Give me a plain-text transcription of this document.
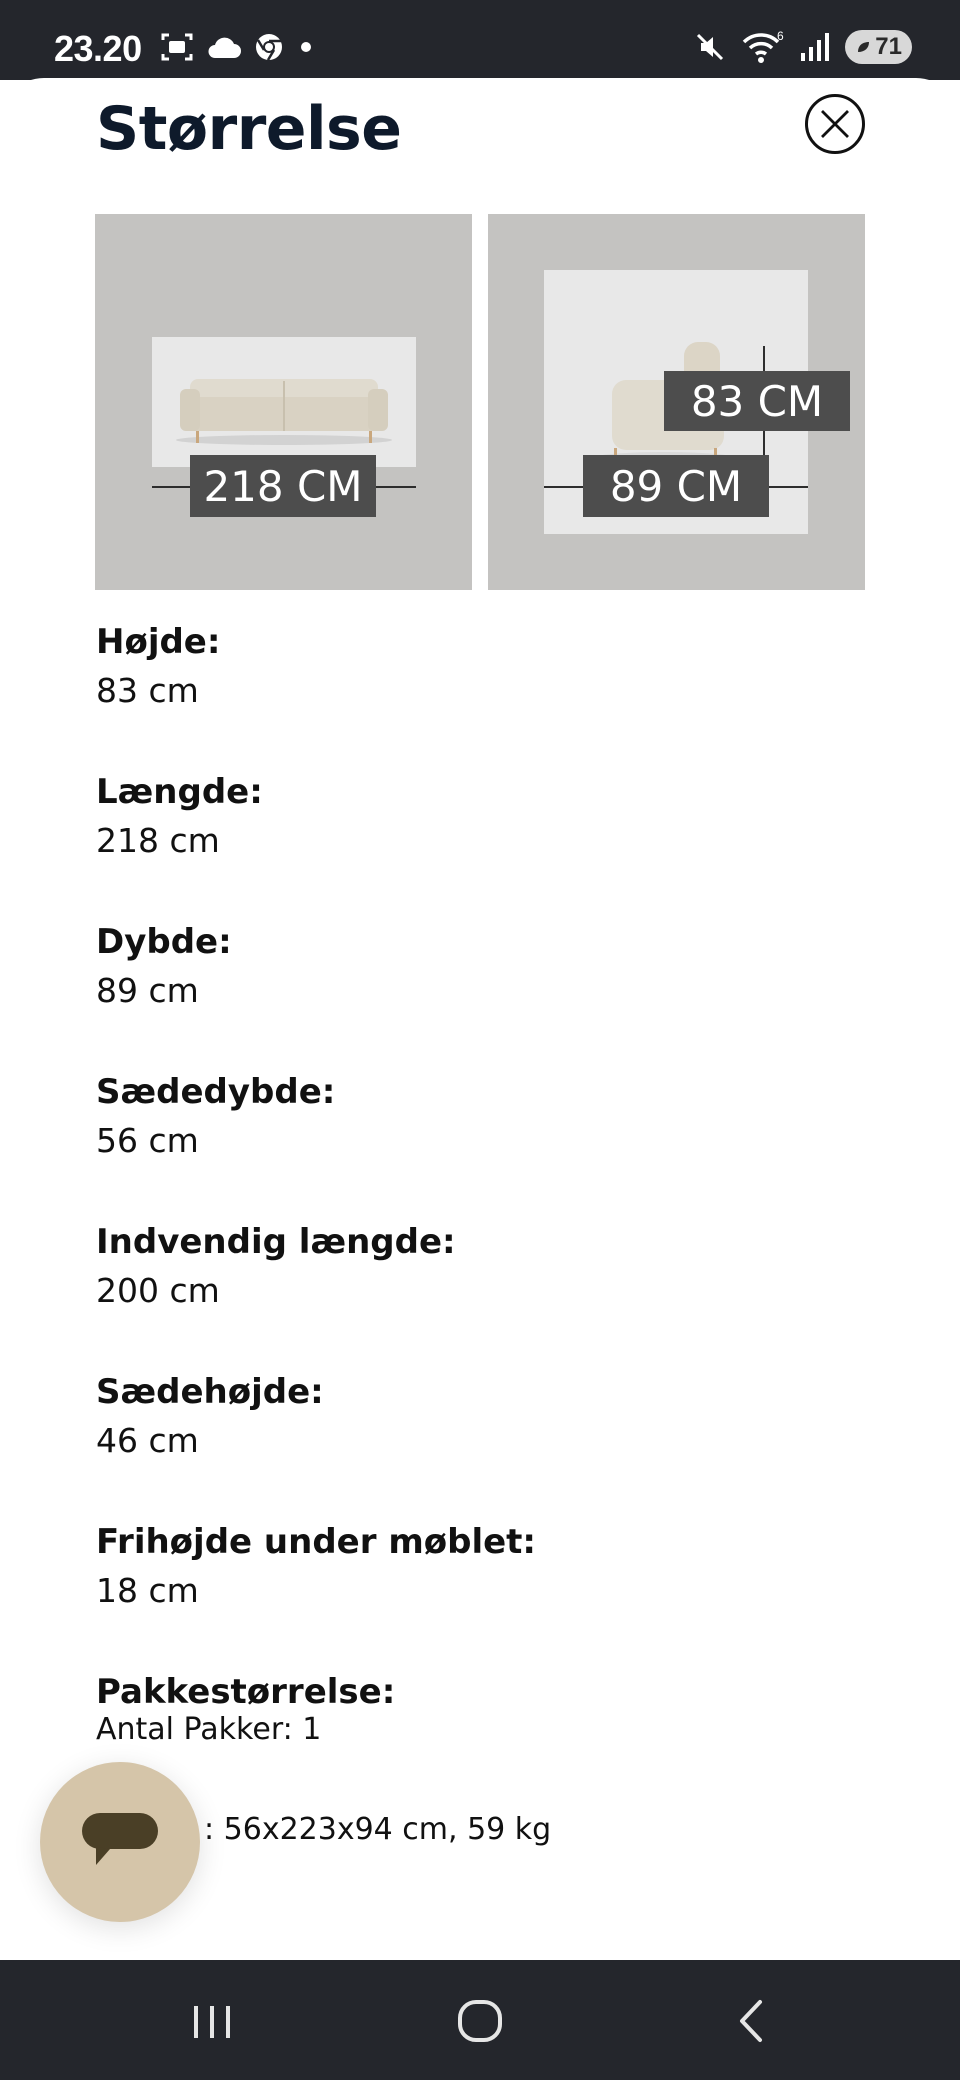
23.20	6	71
Størrelse
218 CM
83 CM
89 CM
Højde:
83 cm
Længde:
218 cm
Dybde:
89 cm
Sædedybde:
56 cm
Indvendig længde:
200 cm
Sædehøjde:
46 cm
Frihøjde under møblet:
18 cm
Pakkestørrelse:
Antal Pakker: 1
: 56x223x94 cm, 59 kg
